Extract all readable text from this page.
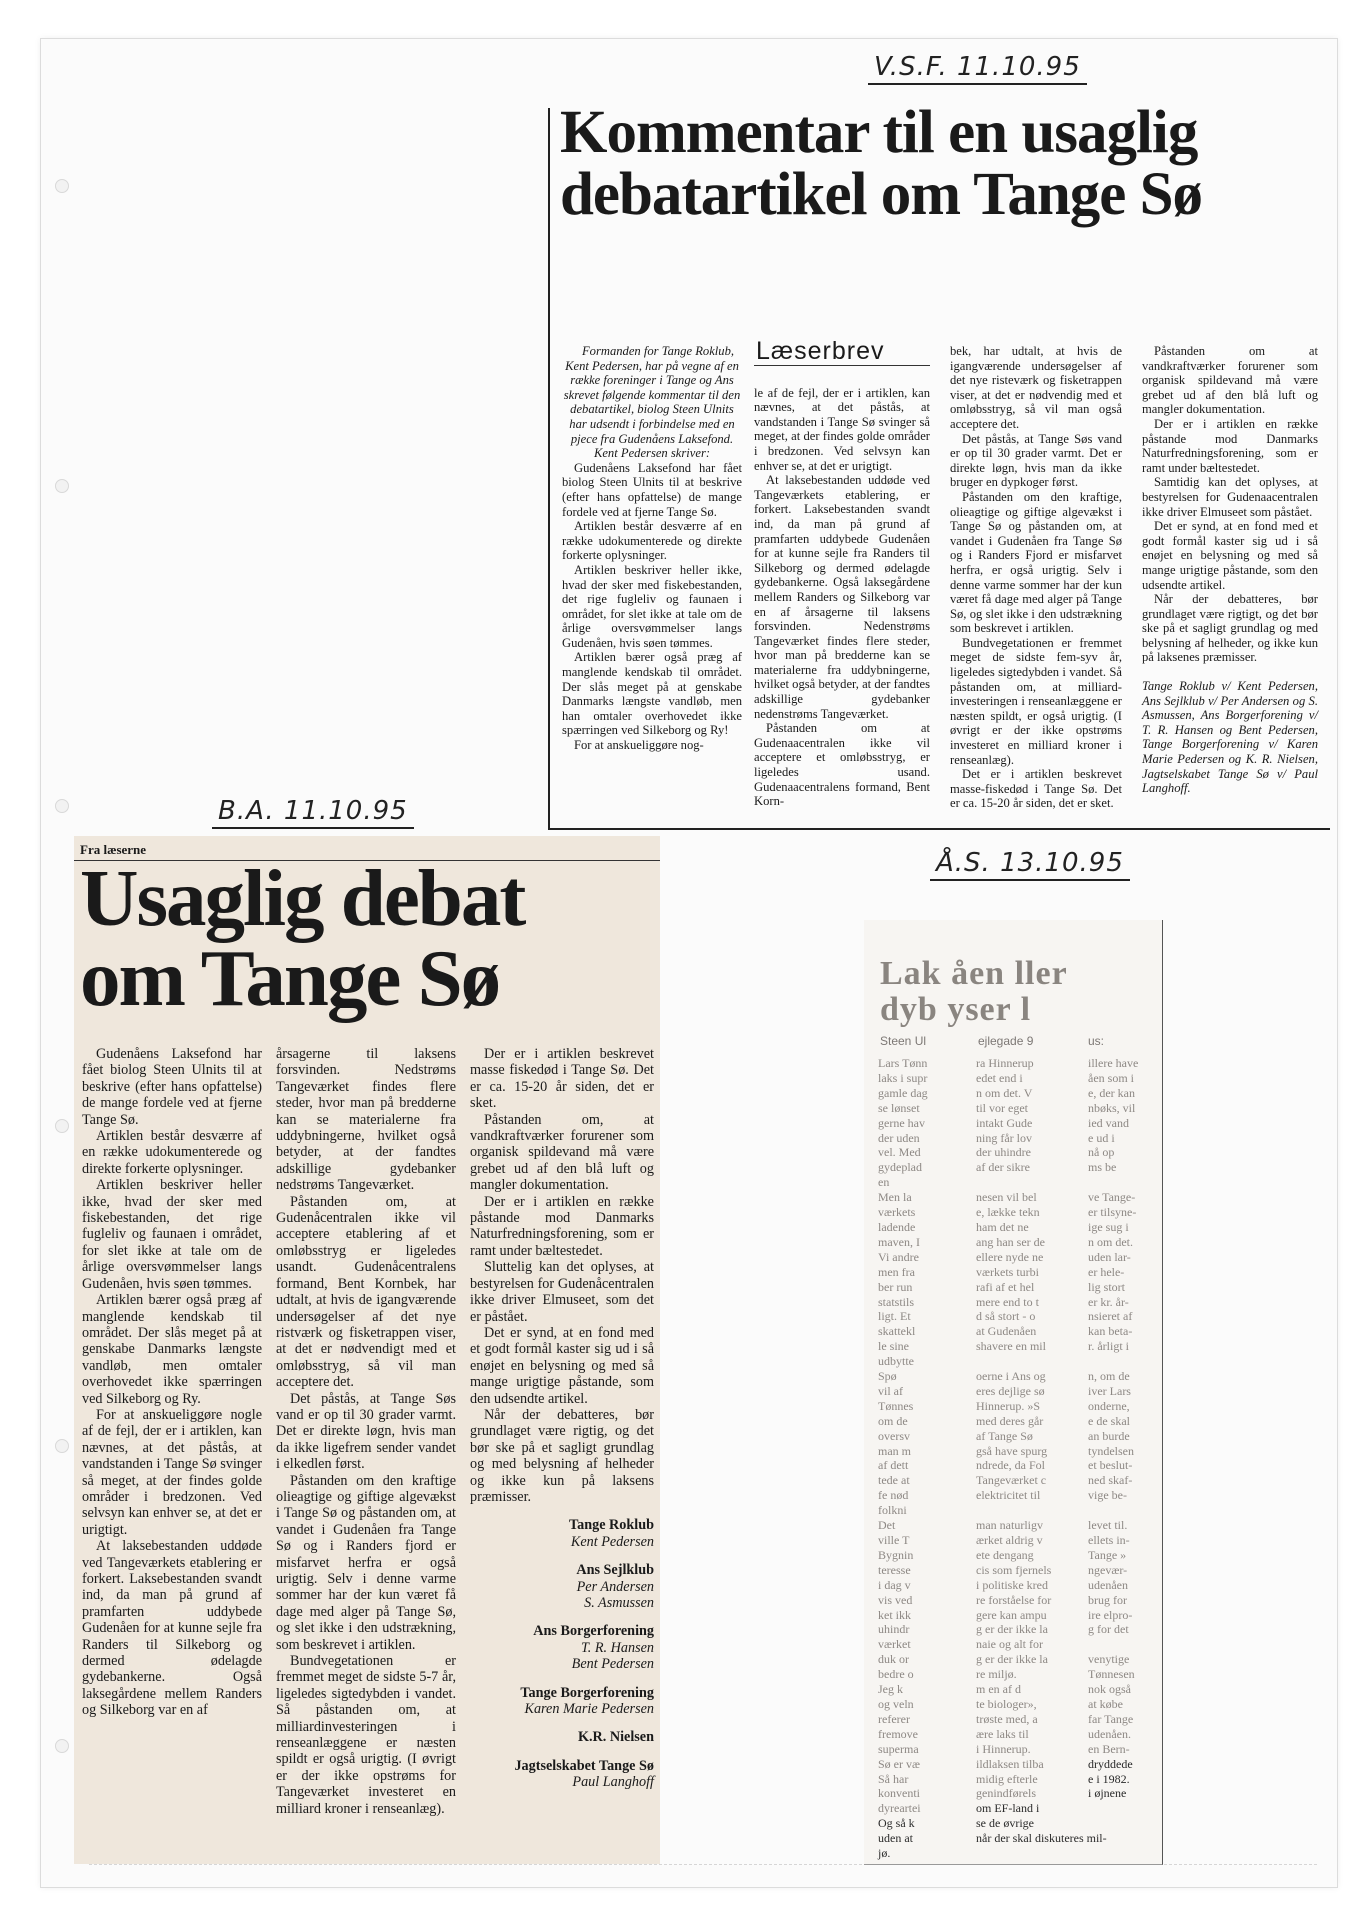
V.S.F. 11.10.95
B.A. 11.10.95
Å.S. 13.10.95
Kommentar til en usaglig
debatartikel om Tange Sø

Formanden for Tange Roklub, Kent Pedersen, har på vegne af en række foreninger i Tange og Ans skrevet følgende kommentar til den debatartikel, biolog Steen Ulnits har udsendt i forbindelse med en pjece fra Gudenåens Laksefond. Kent Pedersen skriver:

Gudenåens Laksefond har fået biolog Steen Ulnits til at beskrive (efter hans opfattelse) de mange fordele ved at fjerne Tange Sø.

Artiklen består desværre af en række udokumenterede og direkte forkerte oplysninger.

Artiklen beskriver heller ikke, hvad der sker med fiskebestanden, det rige fugleliv og faunaen i området, for slet ikke at tale om de årlige oversvømmelser langs Gudenåen, hvis søen tømmes.

Artiklen bærer også præg af manglende kendskab til området. Der slås meget på at genskabe Danmarks længste vandløb, men han omtaler overhovedet ikke spærringen ved Silkeborg og Ry!

For at anskueliggøre nog-

Læserbrev

le af de fejl, der er i artiklen, kan nævnes, at det påstås, at vandstanden i Tange Sø svinger så meget, at der findes golde områder i bredzonen. Ved selvsyn kan enhver se, at det er urigtigt.

At laksebestanden uddøde ved Tangeværkets etablering, er forkert. Laksebestanden svandt ind, da man på grund af pramfarten uddybede Gudenåen for at kunne sejle fra Randers til Silkeborg og dermed ødelagde gydebankerne. Også laksegårdene mellem Randers og Silkeborg var en af årsagerne til laksens forsvinden. Nedenstrøms Tangeværket findes flere steder, hvor man på bredderne kan se materialerne fra uddybningerne, hvilket også betyder, at der fandtes adskillige gydebanker nedenstrøms Tangeværket.

Påstanden om at Gudenaacentralen ikke vil acceptere et omløbsstryg, er ligeledes usand. Gudenaacentralens formand, Bent Korn-

bek, har udtalt, at hvis de igangværende undersøgelser af det nye risteværk og fisketrappen viser, at det er nødvendig med et omløbsstryg, så vil man også acceptere det.

Det påstås, at Tange Søs vand er op til 30 grader varmt. Det er direkte løgn, hvis man da ikke bruger en dypkoger først.

Påstanden om den kraftige, olieagtige og giftige algevækst i Tange Sø og påstanden om, at vandet i Gudenåen fra Tange Sø og i Randers Fjord er misfarvet herfra, er også urigtig. Selv i denne varme sommer har der kun været få dage med alger på Tange Sø, og slet ikke i den udstrækning som beskrevet i artiklen.

Bundvegetationen er fremmet meget de sidste fem-syv år, ligeledes sigtedybden i vandet. Så påstanden om, at milliard-investeringen i renseanlæggene er næsten spildt, er også urigtig. (I øvrigt er der ikke opstrøms investeret en milliard kroner i renseanlæg).

Det er i artiklen beskrevet masse-fiskedød i Tange Sø. Det er ca. 15-20 år siden, det er sket.

Påstanden om at vandkraftværker forurener som organisk spildevand må være grebet ud af den blå luft og mangler dokumentation.

Der er i artiklen en række påstande mod Danmarks Naturfredningsforening, som er ramt under bæltestedet.

Samtidig kan det oplyses, at bestyrelsen for Gudenaacentralen ikke driver Elmuseet som påstået.

Det er synd, at en fond med et godt formål kaster sig ud i så enøjet en belysning og med så mange urigtige påstande, som den udsendte artikel.

Når der debatteres, bør grundlaget være rigtigt, og det bør ske på et sagligt grundlag og med belysning af helheder, og ikke kun på laksenes præmisser.

Tange Roklub v/ Kent Pedersen, Ans Sejlklub v/ Per Andersen og S. Asmussen, Ans Borgerforening v/ T. R. Hansen og Bent Pedersen, Tange Borgerforening v/ Karen Marie Pedersen og K. R. Nielsen, Jagtselskabet Tange Sø v/ Paul Langhoff.

Fra læserne
Usaglig debat
om Tange Sø

Gudenåens Laksefond har fået biolog Steen Ulnits til at beskrive (efter hans opfattelse) de mange fordele ved at fjerne Tange Sø.

Artiklen består desværre af en række udokumenterede og direkte forkerte oplysninger.

Artiklen beskriver heller ikke, hvad der sker med fiskebestanden, det rige fugleliv og faunaen i området, for slet ikke at tale om de årlige oversvømmelser langs Gudenåen, hvis søen tømmes.

Artiklen bærer også præg af manglende kendskab til området. Der slås meget på at genskabe Danmarks længste vandløb, men omtaler overhovedet ikke spærringen ved Silkeborg og Ry.

For at anskueliggøre nogle af de fejl, der er i artiklen, kan nævnes, at det påstås, at vandstanden i Tange Sø svinger så meget, at der findes golde områder i bredzonen. Ved selvsyn kan enhver se, at det er urigtigt.

At laksebestanden uddøde ved Tangeværkets etablering er forkert. Laksebestanden svandt ind, da man på grund af pramfarten uddybede Gudenåen for at kunne sejle fra Randers til Silkeborg og dermed ødelagde gydebankerne. Også laksegårdene mellem Randers og Silkeborg var en af

årsagerne til laksens forsvinden. Nedstrøms Tangeværket findes flere steder, hvor man på bredderne kan se materialerne fra uddybningerne, hvilket også betyder, at der fandtes adskillige gydebanker nedstrøms Tangeværket.

Påstanden om, at Gudenåcentralen ikke vil acceptere etablering af et omløbsstryg er ligeledes usandt. Gudenåcentralens formand, Bent Kornbek, har udtalt, at hvis de igangværende undersøgelser af det nye ristværk og fisketrappen viser, at det er nødvendigt med et omløbsstryg, så vil man acceptere det.

Det påstås, at Tange Søs vand er op til 30 grader varmt. Det er direkte løgn, hvis man da ikke ligefrem sender vandet i elkedlen først.

Påstanden om den kraftige olieagtige og giftige algevækst i Tange Sø og påstanden om, at vandet i Gudenåen fra Tange Sø og i Randers fjord er misfarvet herfra er også urigtig. Selv i denne varme sommer har der kun været få dage med alger på Tange Sø, og slet ikke i den udstrækning, som beskrevet i artiklen.

Bundvegetationen er fremmet meget de sidste 5-7 år, ligeledes sigtedybden i vandet. Så påstanden om, at milliardinvesteringen i renseanlæggene er næsten spildt er også urigtig. (I øvrigt er der ikke opstrøms for Tangeværket investeret en milliard kroner i renseanlæg).

Der er i artiklen beskrevet masse fiskedød i Tange Sø. Det er ca. 15-20 år siden, det er sket.

Påstanden om, at vandkraftværker forurener som organisk spildevand må være grebet ud af den blå luft og mangler dokumentation.

Der er i artiklen en række påstande mod Danmarks Naturfredningsforening, som er ramt under bæltestedet.

Sluttelig kan det oplyses, at bestyrelsen for Gudenåcentralen ikke driver Elmuseet, som det er påstået.

Det er synd, at en fond med et godt formål kaster sig ud i så enøjet en belysning og med så mange urigtige påstande, som den udsendte artikel.

Når der debatteres, bør grundlaget være rigtig, og det bør ske på et sagligt grundlag og med belysning af helheder og ikke kun på laksens præmisser.

Tange Roklub
Kent Pedersen

Ans Sejlklub
Per Andersen
S. Asmussen

Ans Borgerforening
T. R. Hansen
Bent Pedersen

Tange Borgerforening
Karen Marie Pedersen

K.R. Nielsen

Jagtselskabet Tange Sø
Paul Langhoff

Lak åen ller
dyb yser l
Steen Ul	ejlegade 9	us:
Lars Tønn
laks i supr
gamle dag
se lønset
gerne hav
der uden
vel. Med
gydeplad
en
Men la
værkets
ladende
maven, I
Vi andre
men fra
ber run
statstils
ligt. Et
skattekl
le sine
udbytte
Spø
vil af
Tønnes
om de
oversv
man m
af dett
tede at
fe nød
folkni
Det
ville T
Bygnin
teresse
i dag v
vis ved
ket ikk
uhindr
værket
duk or
bedre o
Jeg k
og veln
referer
fremove
superma
Sø er væ
Så har
konventi
dyreartei
Og så k
uden at
jø.
ra Hinnerup
edet end i
n om det. V
til vor eget
intakt Gude
ning får lov
der uhindre
af der sikre

nesen vil bel
e, lække tekn
ham det ne
ang han ser de
ellere nyde ne
værkets turbi
rafi af et hel
mere end to t
d så stort - o
at Gudenåen
shavere en mil

oerne i Ans og
eres dejlige sø
Hinnerup. »S
med deres går
af Tange Sø
gså have spurg
ndrede, da Fol
Tangeværket c
elektricitet til

man naturligv
ærket aldrig v
ete dengang
cis som fjernels
i politiske kred
re forståelse for
gere kan ampu
g er der ikke la
naie og alt for
g er der ikke la
re miljø.
m en af d
te biologer»,
trøste med, a
ære laks til
i Hinnerup.
ildlaksen tilba
midig efterle
genindførels
om EF-land i
se de øvrige
når der skal diskuteres mil-
illere have
åen som i
e, der kan
nbøks, vil
ied vand
e ud i
nå op
ms be

ve Tange-
er tilsyne-
ige sug i
n om det.
uden lar-
er hele-
lig stort
er kr. år-
nsieret af
kan beta-
r. årligt i

n, om de
iver Lars
onderne,
e de skal
an burde
tyndelsen
et beslut-
ned skaf-
vige be-

levet til.
ellets in-
Tange »
ngevær-
udenåen
brug for
ire elpro-
g for det

venytige
Tønnesen
nok også
at købe
far Tange
udenåen.
en Bern-
dryddede
e i 1982.
i øjnene
